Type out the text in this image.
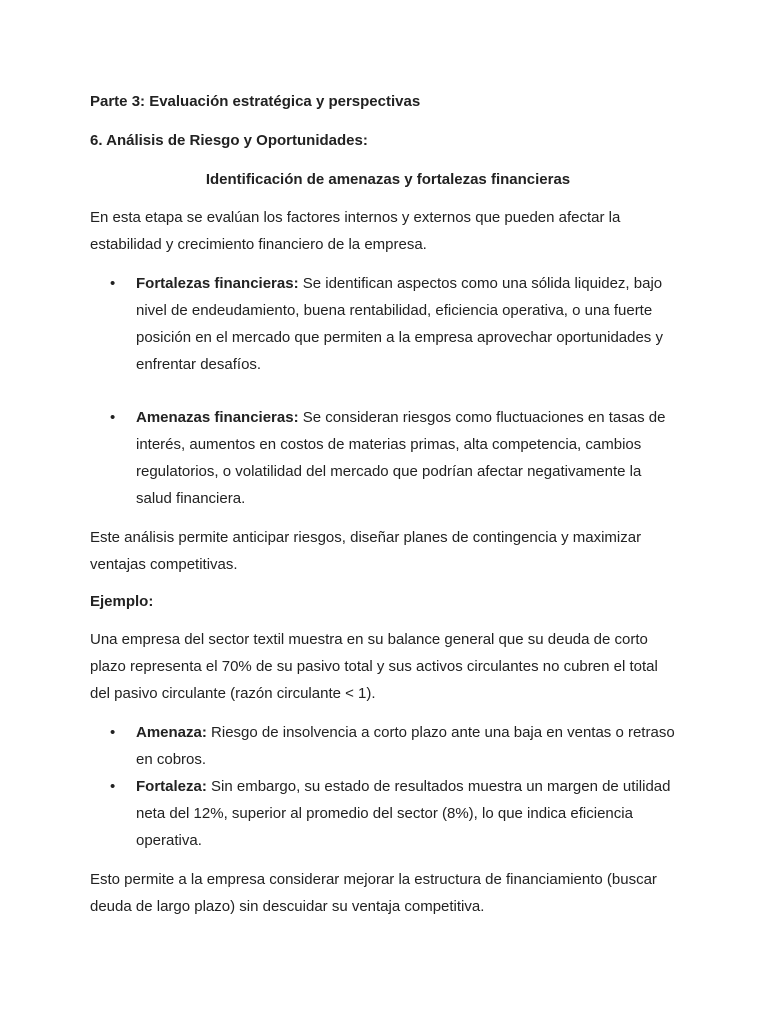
Parte 3: Evaluación estratégica y perspectivas

6. Análisis de Riesgo y Oportunidades:

Identificación de amenazas y fortalezas financieras

En esta etapa se evalúan los factores internos y externos que pueden afectar la

estabilidad y crecimiento financiero de la empresa.

• Fortalezas financieras: Se identifican aspectos como una sólida liquidez, bajo

nivel de endeudamiento, buena rentabilidad, eficiencia operativa, o una fuerte

posición en el mercado que permiten a la empresa aprovechar oportunidades y

enfrentar desafíos.

• Amenazas financieras: Se consideran riesgos como fluctuaciones en tasas de

interés, aumentos en costos de materias primas, alta competencia, cambios

regulatorios, o volatilidad del mercado que podrían afectar negativamente la

salud financiera.

Este análisis permite anticipar riesgos, diseñar planes de contingencia y maximizar

ventajas competitivas.

Ejemplo:

Una empresa del sector textil muestra en su balance general que su deuda de corto

plazo representa el 70% de su pasivo total y sus activos circulantes no cubren el total

del pasivo circulante (razón circulante < 1).

• Amenaza: Riesgo de insolvencia a corto plazo ante una baja en ventas o retraso

en cobros.

• Fortaleza: Sin embargo, su estado de resultados muestra un margen de utilidad

neta del 12%, superior al promedio del sector (8%), lo que indica eficiencia

operativa.

Esto permite a la empresa considerar mejorar la estructura de financiamiento (buscar

deuda de largo plazo) sin descuidar su ventaja competitiva.
